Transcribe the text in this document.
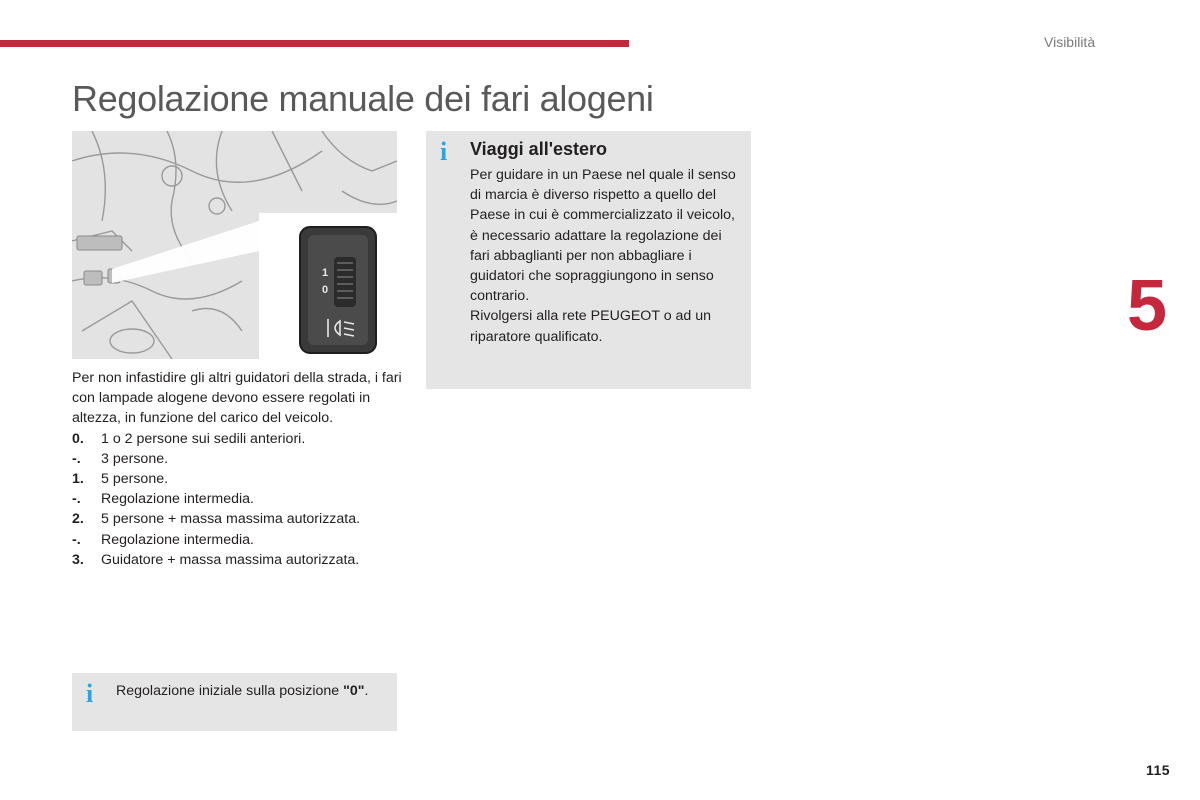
Visibilità
Regolazione manuale dei fari alogeni
5
115
1
0

Per non infastidire gli altri guidatori della strada, i fari con lampade alogene devono essere regolati in altezza, in funzione del carico del veicolo.

0.	1 o 2 persone sui sedili anteriori.
-.	3 persone.
1.	5 persone.
-.	Regolazione intermedia.
2.	5 persone + massa massima autorizzata.
-.	Regolazione intermedia.
3.	Guidatore + massa massima autorizzata.
i Viaggi all'estero

Per guidare in un Paese nel quale il senso di marcia è diverso rispetto a quello del Paese in cui è commercializzato il veicolo, è necessario adattare la regolazione dei fari abbaglianti per non abbagliare i guidatori che sopraggiungono in senso contrario.

Rivolgersi alla rete PEUGEOT o ad un riparatore qualificato.

i Regolazione iniziale sulla posizione "0".
